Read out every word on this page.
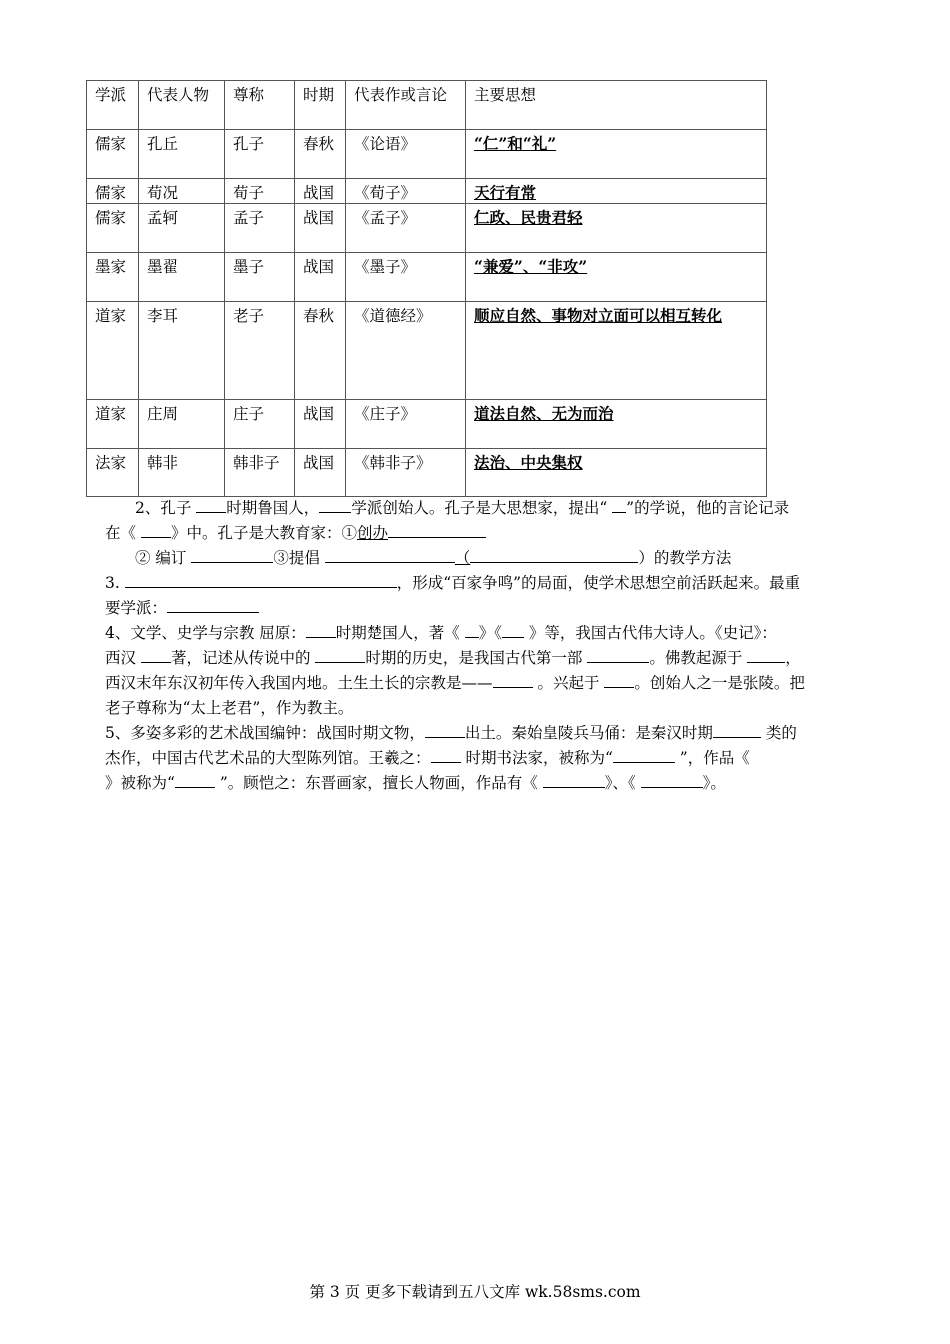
学派	代表人物	尊称	时期	代表作或言论	主要思想
儒家	孔丘	孔子	春秋	《论语》	“仁”和“礼”
儒家	荀况	荀子	战国	《荀子》	天行有常
儒家	孟轲	孟子	战国	《孟子》	仁政、民贵君轻
墨家	墨翟	墨子	战国	《墨子》	“兼爱”、“非攻”
道家	李耳	老子	春秋	《道德经》	顺应自然、事物对立面可以相互转化
道家	庄周	庄子	战国	《庄子》	道法自然、无为而治
法家	韩非	韩非子	战国	《韩非子》	法治、中央集权
2、孔子 时期鲁国人， 学派创始人。孔子是大思想家，提出“ ”的学说，他的言论记录
在《 》中。孔子是大教育家：①创办
② 编订	③提倡	（	）的教学方法
3.	，形成“百家争鸣”的局面，使学术思想空前活跃起来。最重
要学派：
4、文学、史学与宗教 屈原： 时期楚国人，著《 》《 》等，我国古代伟大诗人。《史记》：
西汉 著，记述从传说中的	时期的历史，是我国古代第一部	。佛教起源于 ，
西汉末年东汉初年传入我国内地。土生土长的宗教是——	。兴起于 。创始人之一是张陵。把
老子尊称为“太上老君”，作为教主。
5、多姿多彩的艺术战国编钟：战国时期文物，	出土。秦始皇陵兵马俑：是秦汉时期	类的
杰作，中国古代艺术品的大型陈列馆。王羲之： 时期书法家，被称为“	”，作品《
》被称为“	”。顾恺之：东晋画家，擅长人物画，作品有《	》、《	》。
第 3 页 更多下载请到五八文库 wk.58sms.com
